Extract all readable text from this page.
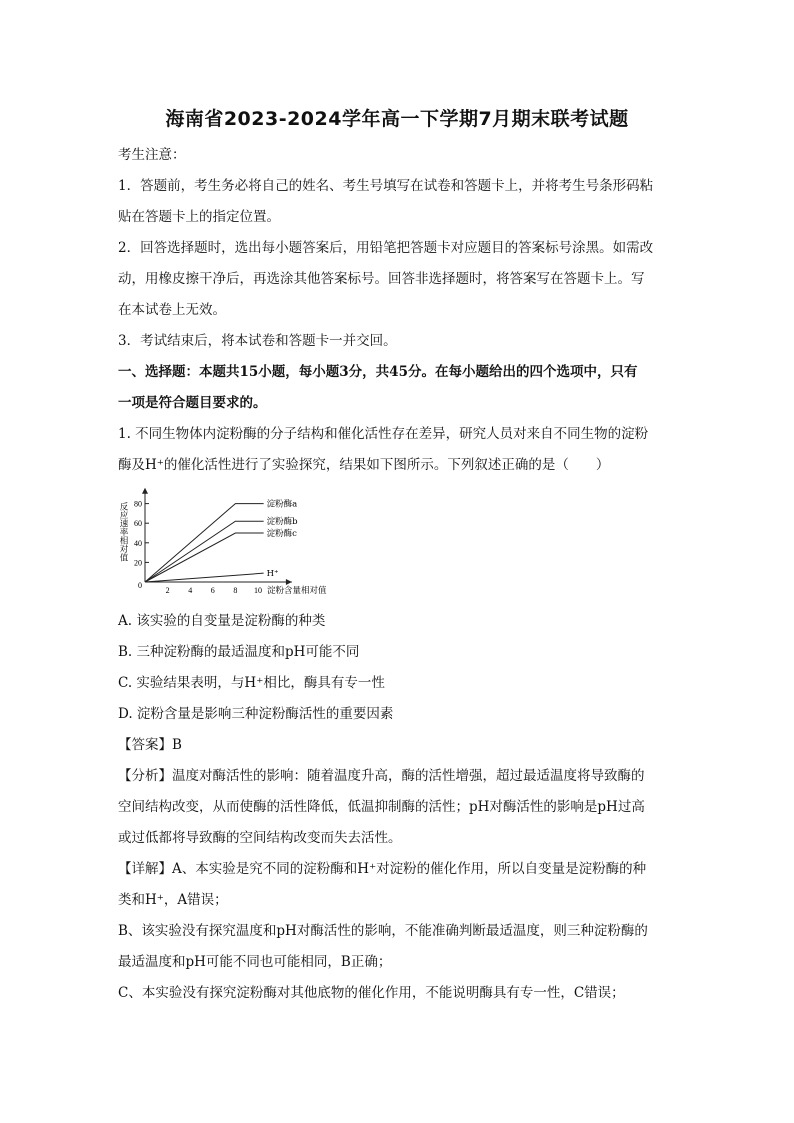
海南省2023-2024学年高一下学期7月期末联考试题
考生注意：
1．答题前，考生务必将自己的姓名、考生号填写在试卷和答题卡上，并将考生号条形码粘
贴在答题卡上的指定位置。
2．回答选择题时，选出每小题答案后，用铅笔把答题卡对应题目的答案标号涂黑。如需改
动，用橡皮擦干净后，再选涂其他答案标号。回答非选择题时，将答案写在答题卡上。写
在本试卷上无效。
3．考试结束后，将本试卷和答题卡一并交回。
一、选择题：本题共15小题，每小题3分，共45分。在每小题给出的四个选项中，只有
一项是符合题目要求的。
1. 不同生物体内淀粉酶的分子结构和催化活性存在差异，研究人员对来自不同生物的淀粉
酶及H⁺的催化活性进行了实验探究，结果如下图所示。下列叙述正确的是（　　）
20
40
60
80
2 4 6 8 10
0
淀粉含量相对值
反应速率相对值	淀粉酶a
淀粉酶b
淀粉酶c
H⁺
A. 该实验的自变量是淀粉酶的种类
B. 三种淀粉酶的最适温度和pH可能不同
C. 实验结果表明，与H⁺相比，酶具有专一性
D. 淀粉含量是影响三种淀粉酶活性的重要因素
【答案】B
【分析】温度对酶活性的影响：随着温度升高，酶的活性增强，超过最适温度将导致酶的
空间结构改变，从而使酶的活性降低，低温抑制酶的活性；pH对酶活性的影响是pH过高
或过低都将导致酶的空间结构改变而失去活性。
【详解】A、本实验是究不同的淀粉酶和H⁺对淀粉的催化作用，所以自变量是淀粉酶的种
类和H⁺，A错误；
B、该实验没有探究温度和pH对酶活性的影响，不能准确判断最适温度，则三种淀粉酶的
最适温度和pH可能不同也可能相同，B正确；
C、本实验没有探究淀粉酶对其他底物的催化作用，不能说明酶具有专一性，C错误；
